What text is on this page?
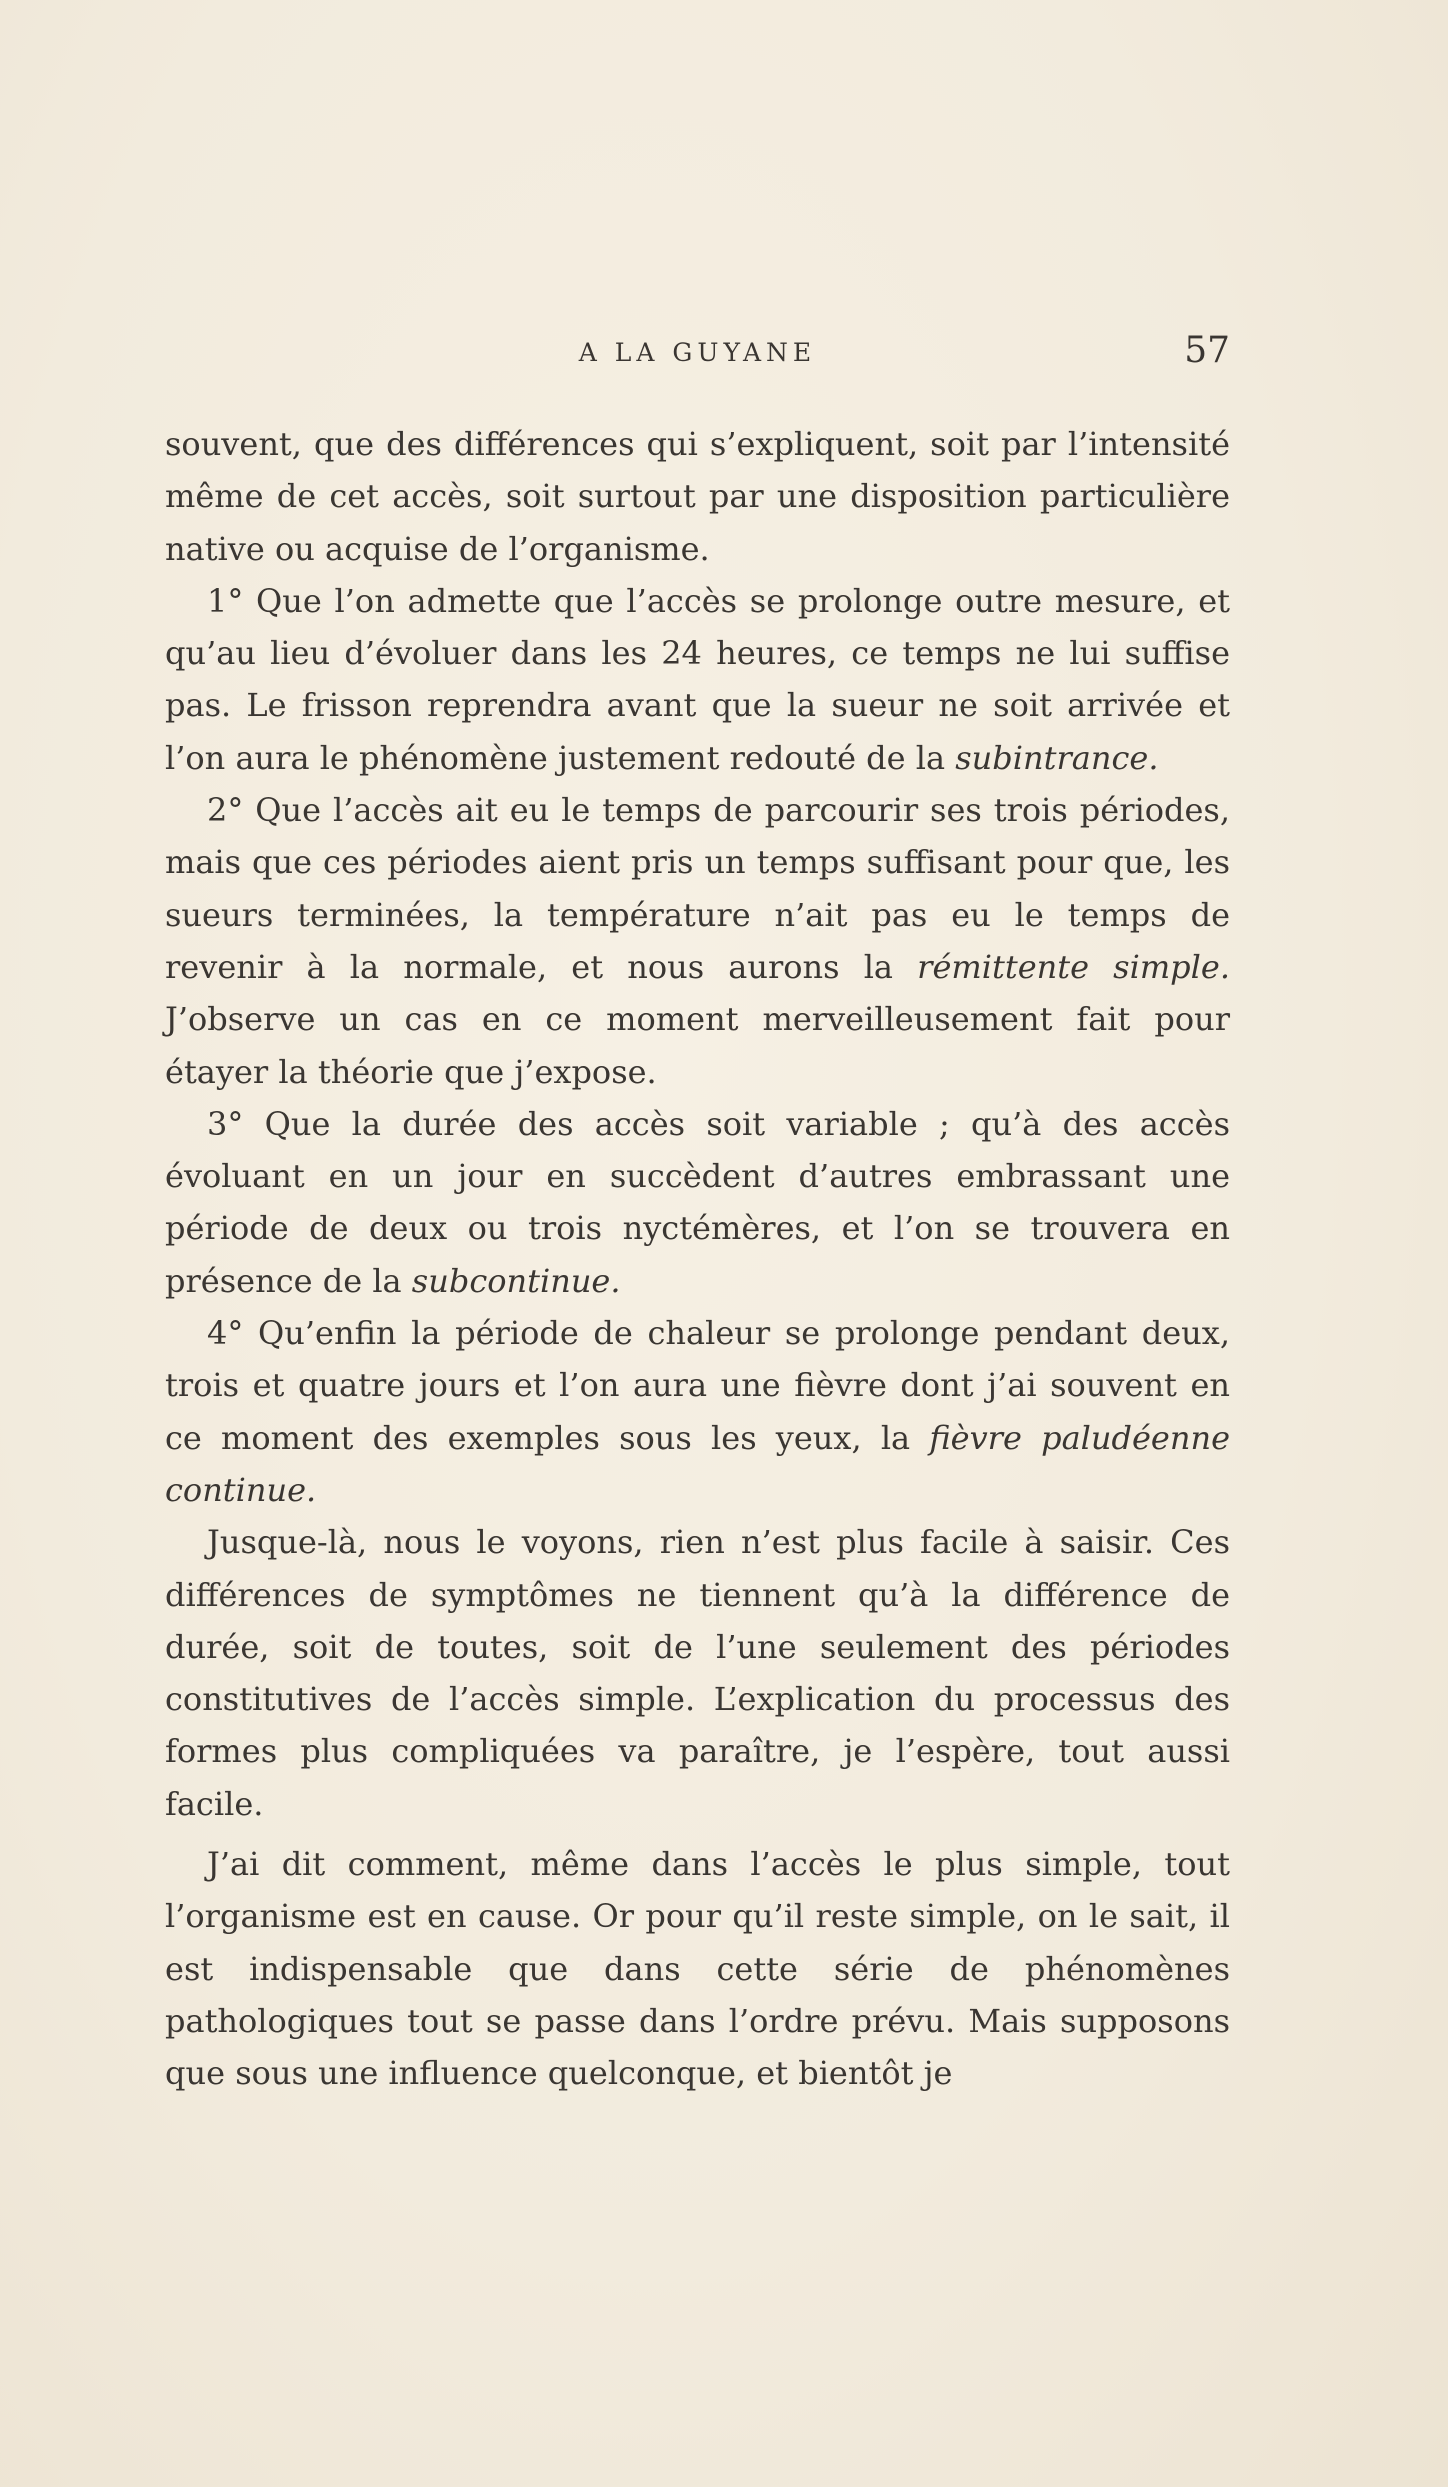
A LA GUYANE	57

souvent, que des différences qui s’expliquent, soit par l’intensité même de cet accès, soit surtout par une disposition particulière native ou acquise de l’organisme.

1° Que l’on admette que l’accès se prolonge outre mesure, et qu’au lieu d’évoluer dans les 24 heures, ce temps ne lui suffise pas. Le frisson reprendra avant que la sueur ne soit arrivée et l’on aura le phénomène justement redouté de la subintrance.

2° Que l’accès ait eu le temps de parcourir ses trois périodes, mais que ces périodes aient pris un temps suffisant pour que, les sueurs terminées, la température n’ait pas eu le temps de revenir à la normale, et nous aurons la rémittente simple. J’observe un cas en ce moment merveilleusement fait pour étayer la théorie que j’expose.

3° Que la durée des accès soit variable ; qu’à des accès évoluant en un jour en succèdent d’autres embrassant une période de deux ou trois nyctémères, et l’on se trouvera en présence de la subcontinue.

4° Qu’enfin la période de chaleur se prolonge pendant deux, trois et quatre jours et l’on aura une fièvre dont j’ai souvent en ce moment des exemples sous les yeux, la fièvre paludéenne continue.

Jusque-là, nous le voyons, rien n’est plus facile à saisir. Ces différences de symptômes ne tiennent qu’à la différence de durée, soit de toutes, soit de l’une seulement des périodes constitutives de l’accès simple. L’explication du processus des formes plus compliquées va paraître, je l’espère, tout aussi facile.

J’ai dit comment, même dans l’accès le plus simple, tout l’organisme est en cause. Or pour qu’il reste simple, on le sait, il est indispensable que dans cette série de phénomènes pathologiques tout se passe dans l’ordre prévu. Mais supposons que sous une influence quelconque, et bientôt je
